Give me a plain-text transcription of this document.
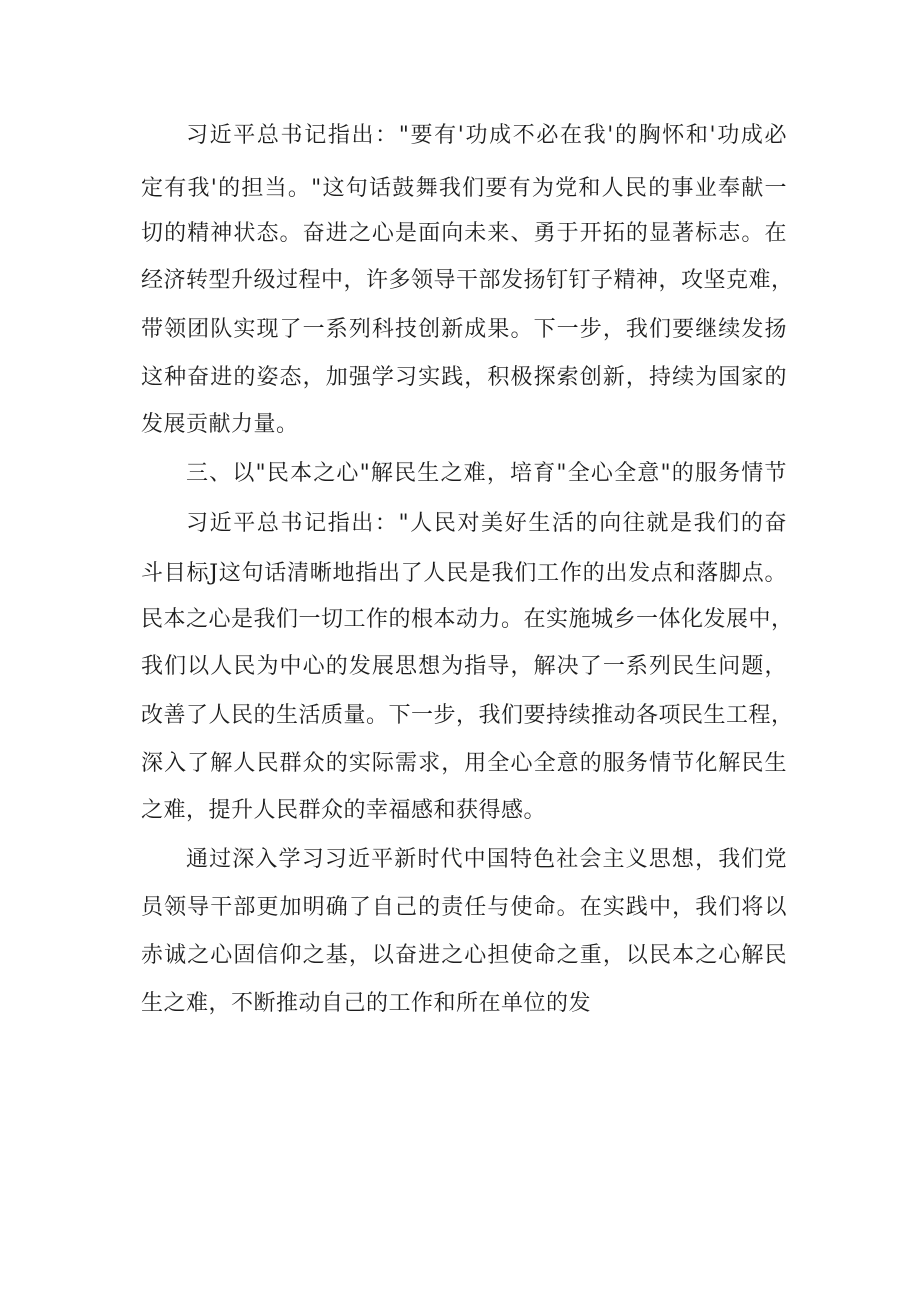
习近平总书记指出："要有'功成不必在我'的胸怀和'功成必
定有我'的担当。"这句话鼓舞我们要有为党和人民的事业奉献一
切的精神状态。奋进之心是面向未来、勇于开拓的显著标志。在
经济转型升级过程中，许多领导干部发扬钉钉子精神，攻坚克难，
带领团队实现了一系列科技创新成果。下一步，我们要继续发扬
这种奋进的姿态，加强学习实践，积极探索创新，持续为国家的
发展贡献力量。
三、以"民本之心"解民生之难，培育"全心全意"的服务情节
习近平总书记指出："人民对美好生活的向往就是我们的奋
斗目标J这句话清晰地指出了人民是我们工作的出发点和落脚点。
民本之心是我们一切工作的根本动力。在实施城乡一体化发展中，
我们以人民为中心的发展思想为指导，解决了一系列民生问题，
改善了人民的生活质量。下一步，我们要持续推动各项民生工程，
深入了解人民群众的实际需求，用全心全意的服务情节化解民生
之难，提升人民群众的幸福感和获得感。
通过深入学习习近平新时代中国特色社会主义思想，我们党
员领导干部更加明确了自己的责任与使命。在实践中，我们将以
赤诚之心固信仰之基，以奋进之心担使命之重，以民本之心解民
生之难，不断推动自己的工作和所在单位的发
